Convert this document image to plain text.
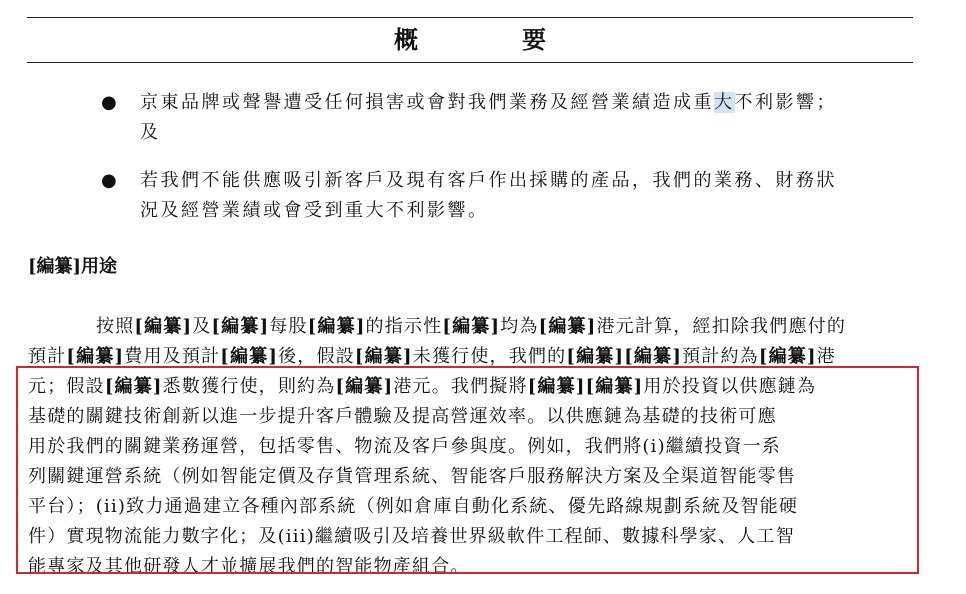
概　要
● 京東品牌或聲譽遭受任何損害或會對我們業務及經營業績造成重大不利影響；
及
● 若我們不能供應吸引新客戶及現有客戶作出採購的產品，我們的業務、財務狀
況及經營業績或會受到重大不利影響。
[編纂]用途
按照[編纂]及[編纂]每股[編纂]的指示性[編纂]均為[編纂]港元計算，經扣除我們應付的
預計[編纂]費用及預計[編纂]後，假設[編纂]未獲行使，我們的[編纂][編纂]預計約為[編纂]港
元；假設[編纂]悉數獲行使，則約為[編纂]港元。我們擬將[編纂][編纂]用於投資以供應鏈為
基礎的關鍵技術創新以進一步提升客戶體驗及提高營運效率。以供應鏈為基礎的技術可應
用於我們的關鍵業務運營，包括零售、物流及客戶參與度。例如，我們將(i)繼續投資一系
列關鍵運營系統（例如智能定價及存貨管理系統、智能客戶服務解決方案及全渠道智能零售
平台）；(ii)致力通過建立各種內部系統（例如倉庫自動化系統、優先路線規劃系統及智能硬
件）實現物流能力數字化；及(iii)繼續吸引及培養世界級軟件工程師、數據科學家、人工智
能專家及其他研發人才並擴展我們的智能物產組合。
